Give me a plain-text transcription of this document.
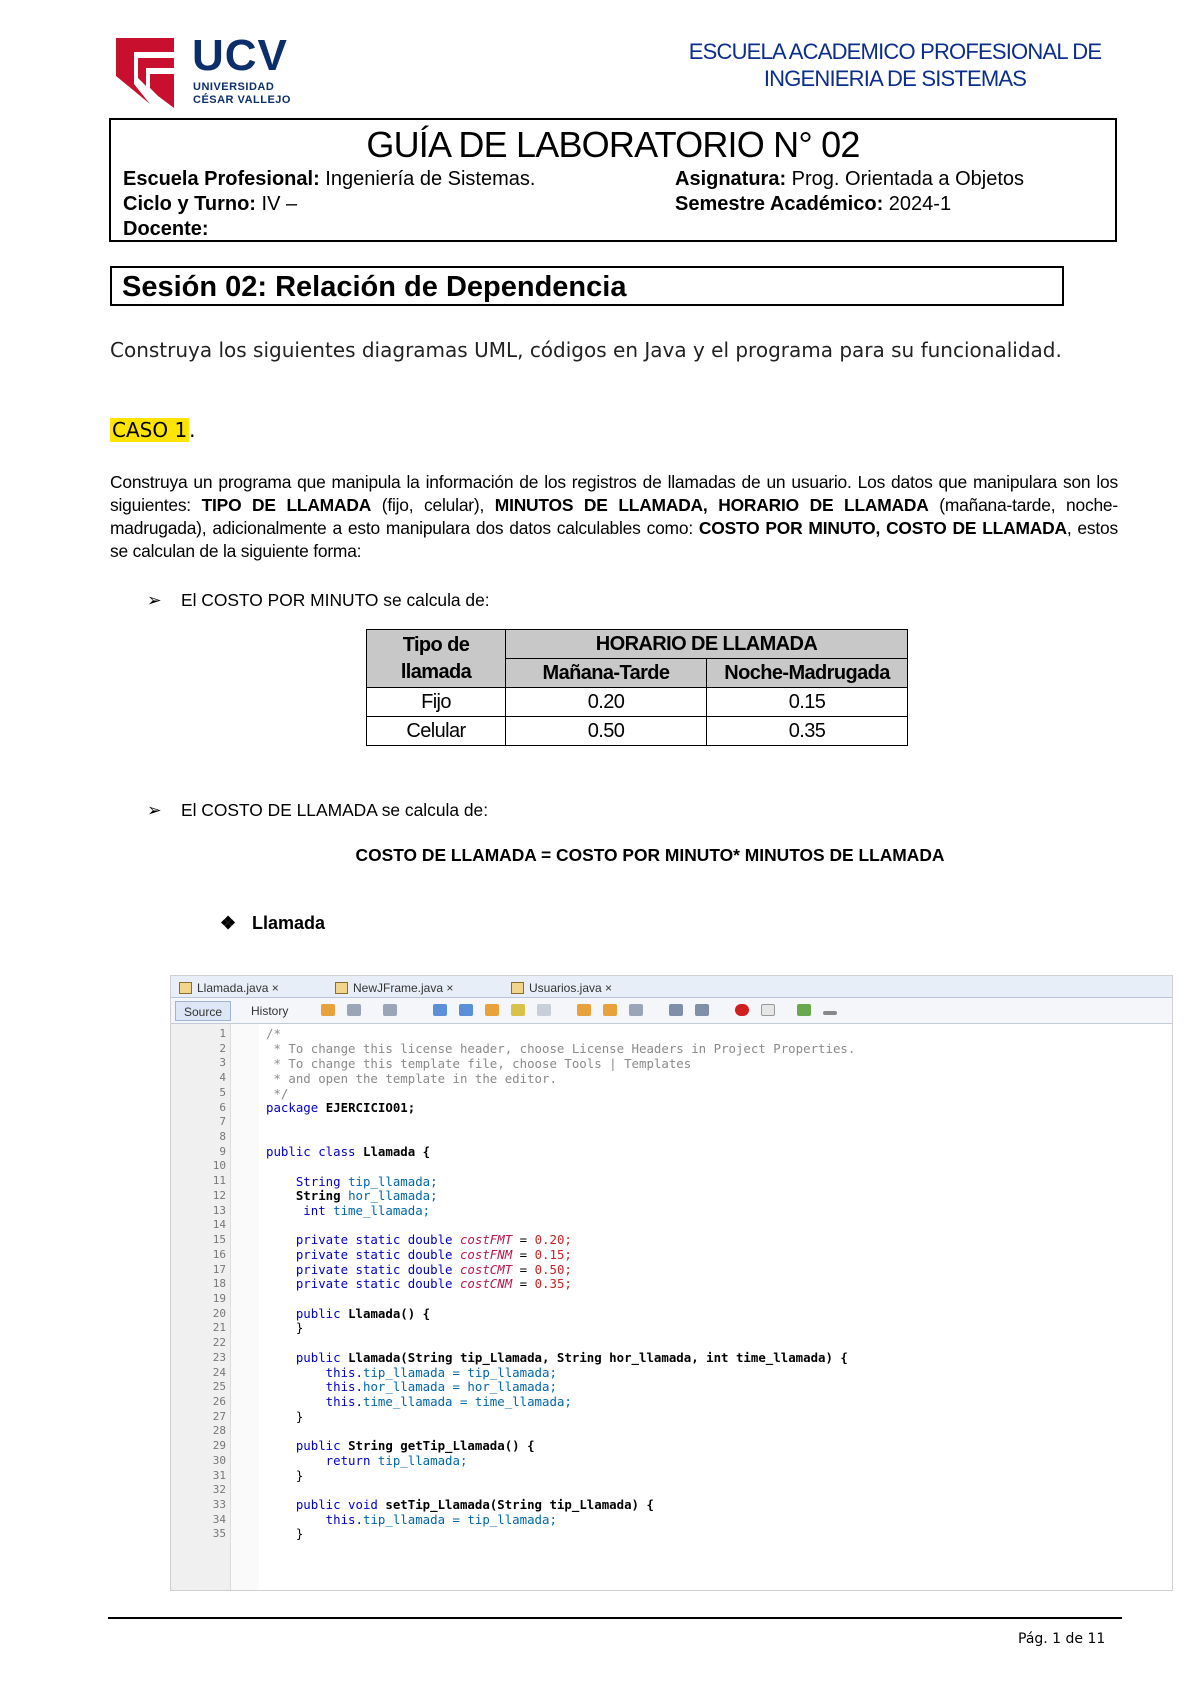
UCV
UNIVERSIDAD
CÉSAR VALLEJO
ESCUELA ACADEMICO PROFESIONAL DE
INGENIERIA DE SISTEMAS
GUÍA DE LABORATORIO N° 02
Escuela Profesional: Ingeniería de Sistemas.	Asignatura: Prog. Orientada a Objetos
Ciclo y Turno: IV –	Semestre Académico: 2024-1
Docente:
Sesión 02: Relación de Dependencia
Construya los siguientes diagramas UML, códigos en Java y el programa para su funcionalidad.
CASO 1 .
Construya un programa que manipula la información de los registros de llamadas de un usuario. Los datos que manipulara son los siguientes: TIPO DE LLAMADA (fijo, celular), MINUTOS DE LLAMADA, HORARIO DE LLAMADA (mañana-tarde, noche-madrugada), adicionalmente a esto manipulara dos datos calculables como: COSTO POR MINUTO, COSTO DE LLAMADA, estos se calculan de la siguiente forma:
➢ El COSTO POR MINUTO se calcula de:
Tipo de
llamada	HORARIO DE LLAMADA	
	Mañana-Tarde	Noche-Madrugada
Fijo	0.20	0.15
Celular	0.50	0.35
➢ El COSTO DE LLAMADA se calcula de:
COSTO DE LLAMADA = COSTO POR MINUTO* MINUTOS DE LLAMADA
❖ Llamada
Llamada.java ×	NewJFrame.java ×	Usuarios.java ×
Source	History
/*
* To change this license header, choose License Headers in Project Properties.
* To change this template file, choose Tools | Templates
* and open the template in the editor.
*/
package EJERCICIO01;
public class Llamada {
String tip_llamada;
String hor_llamada;
int time_llamada;
private static double costFMT = 0.20;
private static double costFNM = 0.15;
private static double costCMT = 0.50;
private static double costCNM = 0.35;
public Llamada() {
}
public Llamada(String tip_Llamada, String hor_llamada, int time_llamada) {
this.tip_llamada = tip_llamada;
this.hor_llamada = hor_llamada;
this.time_llamada = time_llamada;
}
public String getTip_Llamada() {
return tip_llamada;
}
public void setTip_Llamada(String tip_Llamada) {
this.tip_llamada = tip_llamada;
}
1
2
3
4
5
6
7
8
9
10
11
12
13
14
15
16
17
18
19
20
21
22
23
24
25
26
27
28
29
30
31
32
33
34
35
Pág. 1 de 11
